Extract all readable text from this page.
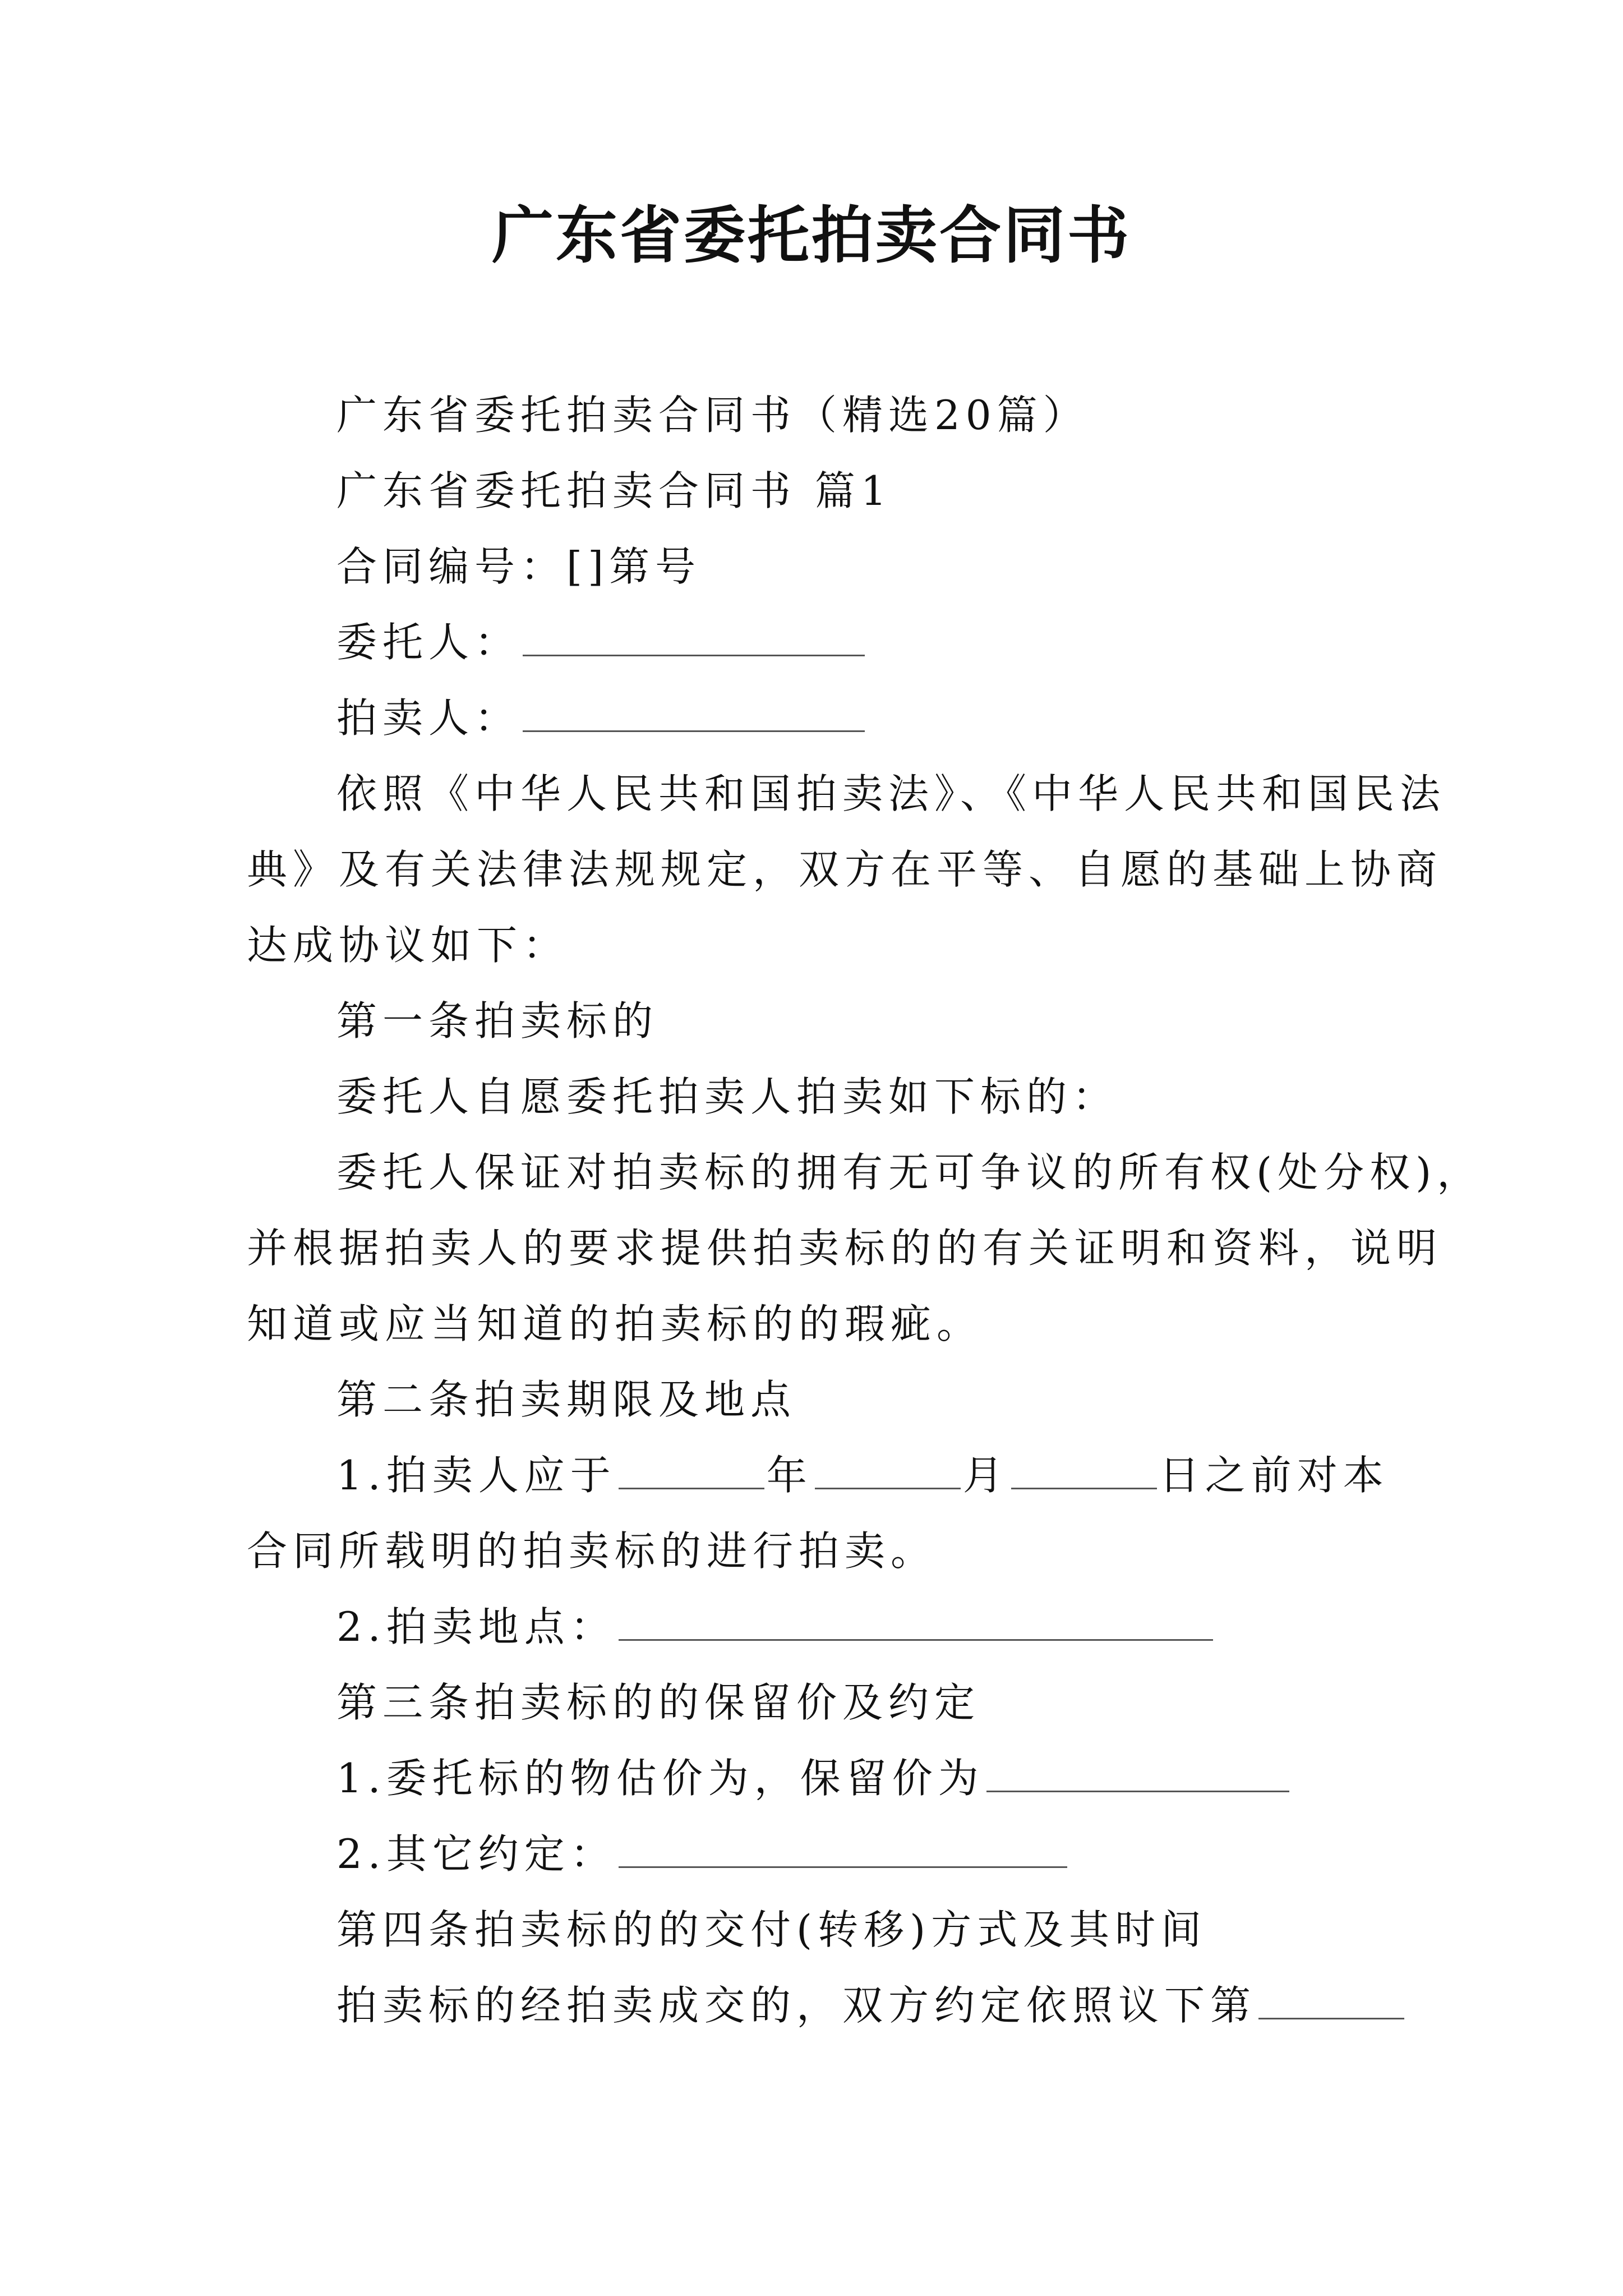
广东省委托拍卖合同书
广东省委托拍卖合同书（精选20篇）
广东省委托拍卖合同书 篇1
合同编号：[]第号
委托人：
拍卖人：
依照《中华人民共和国拍卖法》、《中华人民共和国民法
典》及有关法律法规规定，双方在平等、自愿的基础上协商
达成协议如下：
第一条拍卖标的
委托人自愿委托拍卖人拍卖如下标的：
委托人保证对拍卖标的拥有无可争议的所有权(处分权)，
并根据拍卖人的要求提供拍卖标的的有关证明和资料，说明
知道或应当知道的拍卖标的的瑕疵。
第二条拍卖期限及地点
1.拍卖人应于	年	月	日之前对本
合同所载明的拍卖标的进行拍卖。
2.拍卖地点：
第三条拍卖标的的保留价及约定
1.委托标的物估价为，保留价为
2.其它约定：
第四条拍卖标的的交付(转移)方式及其时间
拍卖标的经拍卖成交的，双方约定依照议下第
